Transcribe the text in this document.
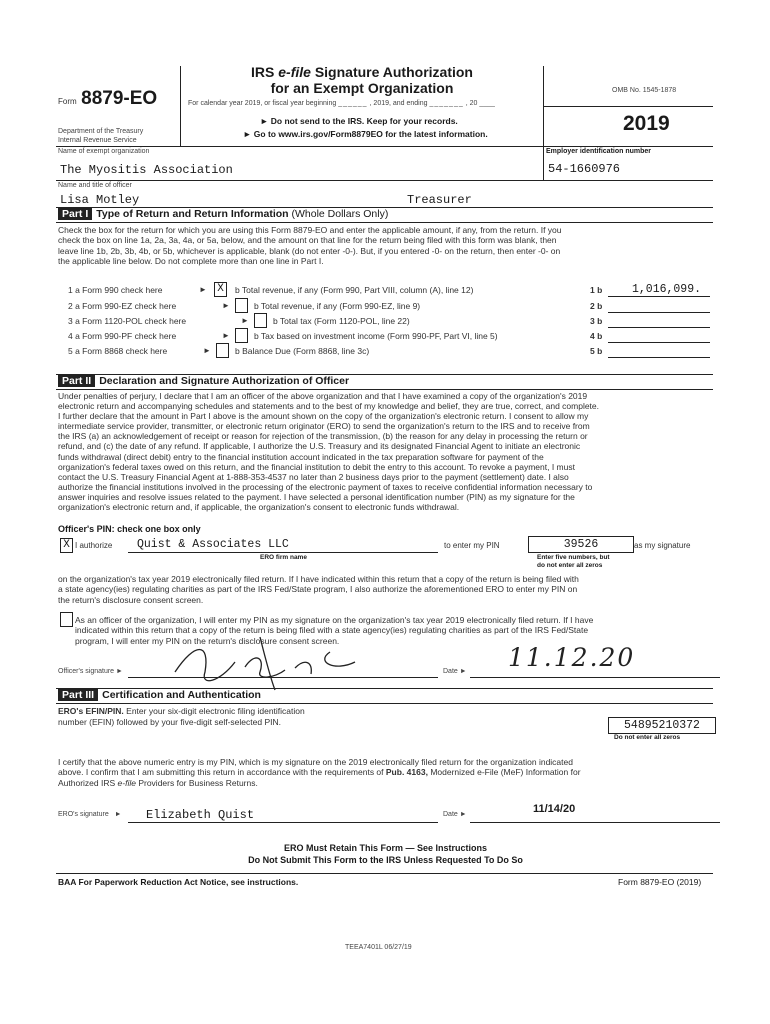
Form 8879-EO
Department of the Treasury
Internal Revenue Service
IRS e-file Signature Authorization
for an Exempt Organization
For calendar year 2019, or fiscal year beginning ______ , 2019, and ending _______ , 20 ____
► Do not send to the IRS. Keep for your records.
► Go to www.irs.gov/Form8879EO for the latest information.
OMB No. 1545-1878
2019
Name of exempt organization
The Myositis Association
Employer identification number
54-1660976
Name and title of officer
Lisa Motley	Treasurer
Part I Type of Return and Return Information (Whole Dollars Only)
Check the box for the return for which you are using this Form 8879-EO and enter the applicable amount, if any, from the return. If you
check the box on line 1a, 2a, 3a, 4a, or 5a, below, and the amount on that line for the return being filed with this form was blank, then
leave line 1b, 2b, 3b, 4b, or 5b, whichever is applicable, blank (do not enter -0-). But, if you entered -0- on the return, then enter -0- on
the applicable line below. Do not complete more than one line in Part I.
1 a Form 990 check here	► X	b Total revenue, if any (Form 990, Part VIII, column (A), line 12)	1 b	1,016,099.
2 a Form 990-EZ check here	►	b Total revenue, if any (Form 990-EZ, line 9)	2 b
3 a Form 1120-POL check here	►	b Total tax (Form 1120-POL, line 22)	3 b
4 a Form 990-PF check here	►	b Tax based on investment income (Form 990-PF, Part VI, line 5)	4 b
5 a Form 8868 check here	►	b Balance Due (Form 8868, line 3c)	5 b
Part II Declaration and Signature Authorization of Officer
Under penalties of perjury, I declare that I am an officer of the above organization and that I have examined a copy of the organization's 2019
electronic return and accompanying schedules and statements and to the best of my knowledge and belief, they are true, correct, and complete.
I further declare that the amount in Part I above is the amount shown on the copy of the organization's electronic return. I consent to allow my
intermediate service provider, transmitter, or electronic return originator (ERO) to send the organization's return to the IRS and to receive from
the IRS (a) an acknowledgement of receipt or reason for rejection of the transmission, (b) the reason for any delay in processing the return or
refund, and (c) the date of any refund. If applicable, I authorize the U.S. Treasury and its designated Financial Agent to initiate an electronic
funds withdrawal (direct debit) entry to the financial institution account indicated in the tax preparation software for payment of the
organization's federal taxes owed on this return, and the financial institution to debit the entry to this account. To revoke a payment, I must
contact the U.S. Treasury Financial Agent at 1-888-353-4537 no later than 2 business days prior to the payment (settlement) date. I also
authorize the financial institutions involved in the processing of the electronic payment of taxes to receive confidential information necessary to
answer inquiries and resolve issues related to the payment. I have selected a personal identification number (PIN) as my signature for the
organization's electronic return and, if applicable, the organization's consent to electronic funds withdrawal.
Officer's PIN: check one box only
X I authorize Quist & Associates LLC
ERO firm name
to enter my PIN	39526	as my signature
Enter five numbers, but
do not enter all zeros
on the organization's tax year 2019 electronically filed return. If I have indicated within this return that a copy of the return is being filed with
a state agency(ies) regulating charities as part of the IRS Fed/State program, I also authorize the aforementioned ERO to enter my PIN on
the return's disclosure consent screen.
As an officer of the organization, I will enter my PIN as my signature on the organization's tax year 2019 electronically filed return. If I have
indicated within this return that a copy of the return is being filed with a state agency(ies) regulating charities as part of the IRS Fed/State
program, I will enter my PIN on the return's disclosure consent screen.
Officer's signature ►	Date ► 11.12.20
Part III Certification and Authentication
ERO's EFIN/PIN. Enter your six-digit electronic filing identification
number (EFIN) followed by your five-digit self-selected PIN.	54895210372
Do not enter all zeros
I certify that the above numeric entry is my PIN, which is my signature on the 2019 electronically filed return for the organization indicated
above. I confirm that I am submitting this return in accordance with the requirements of Pub. 4163, Modernized e-File (MeF) Information for
Authorized IRS e-file Providers for Business Returns.
ERO's signature   ► Elizabeth Quist	Date ►	11/14/20
ERO Must Retain This Form — See Instructions
Do Not Submit This Form to the IRS Unless Requested To Do So
BAA For Paperwork Reduction Act Notice, see instructions.	Form 8879-EO (2019)
TEEA7401L 06/27/19
